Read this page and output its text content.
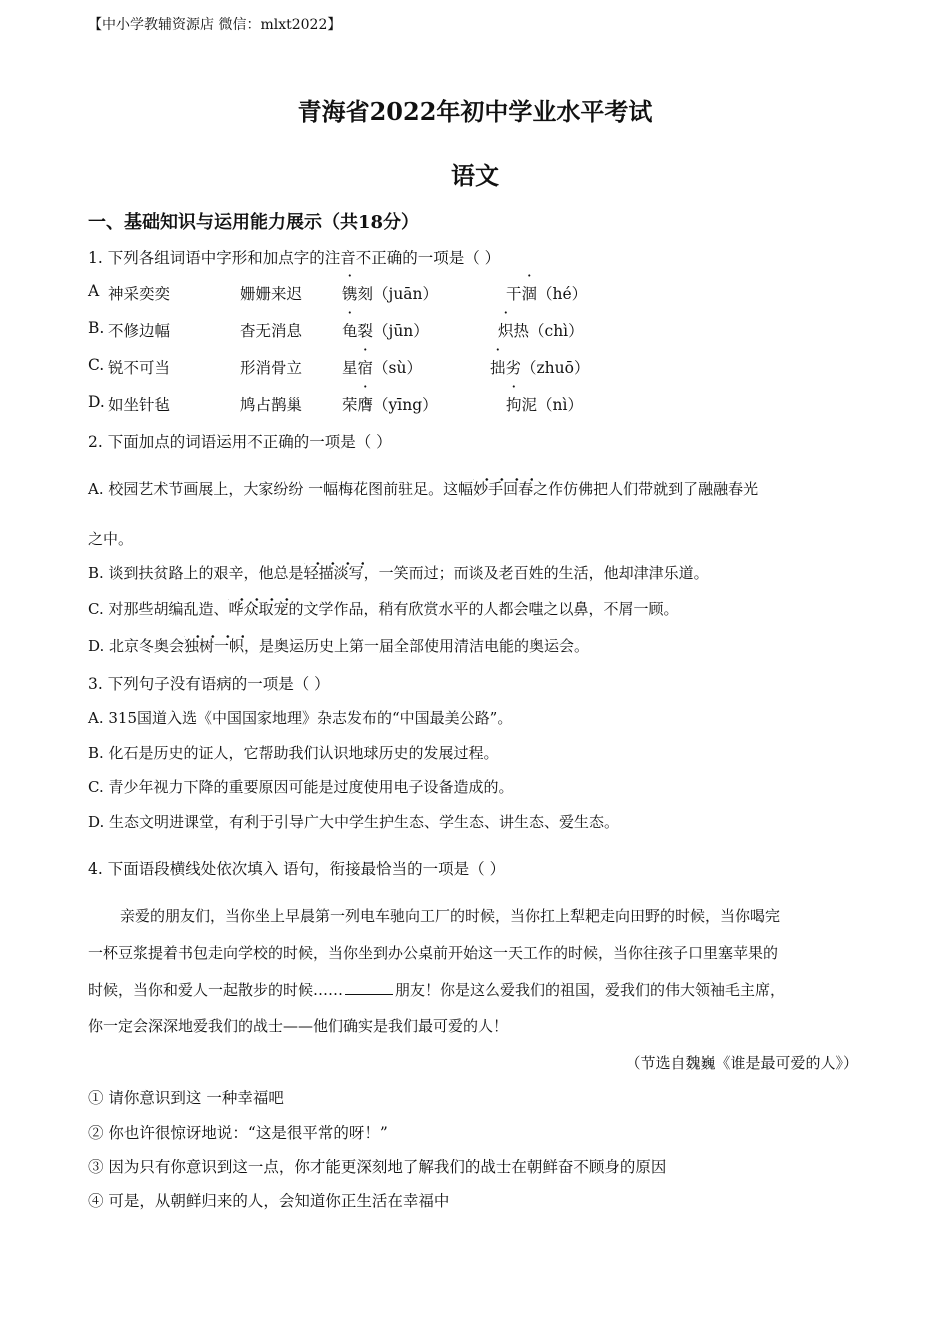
【中小学教辅资源店 微信：mlxt2022】
青海省2022年初中学业水平考试
语文
一、基础知识与运用能力展示（共18分）
1. 下列各组词语中字形和加点字的注音不正确的一项是（ ）
A 神采奕奕	姗姗来迟	镌刻（juān）	干涸（hé）
B. 不修边幅	杳无消息	龟裂（jūn）	炽热（chì）
C. 锐不可当	形消骨立	星宿（sù）	拙劣（zhuō）
D. 如坐针毡	鸠占鹊巢	荣膺（yīng）	拘泥（nì）
2. 下面加点的词语运用不正确的一项是（ ）
A. 校园艺术节画展上，大家纷纷 一幅梅花图前驻足。这幅妙手回春之作仿佛把人们带就到了融融春光
之中。
B. 谈到扶贫路上的艰辛，他总是轻描淡写，一笑而过；而谈及老百姓的生活，他却津津乐道。
C. 对那些胡编乱造、哗众取宠的文学作品，稍有欣赏水平的人都会嗤之以鼻，不屑一顾。
D. 北京冬奥会独树一帜，是奥运历史上第一届全部使用清洁电能的奥运会。
3. 下列句子没有语病的一项是（ ）
A. 315国道入选《中国国家地理》杂志发布的“中国最美公路”。
B. 化石是历史的证人，它帮助我们认识地球历史的发展过程。
C. 青少年视力下降的重要原因可能是过度使用电子设备造成的。
D. 生态文明进课堂，有利于引导广大中学生护生态、学生态、讲生态、爱生态。
4. 下面语段横线处依次填入 语句，衔接最恰当的一项是（ ）
亲爱的朋友们，当你坐上早晨第一列电车驰向工厂的时候，当你扛上犁耙走向田野的时候，当你喝完
一杯豆浆提着书包走向学校的时候，当你坐到办公桌前开始这一天工作的时候，当你往孩子口里塞苹果的
时候，当你和爱人一起散步的时候……	朋友！你是这么爱我们的祖国，爱我们的伟大领袖毛主席，
你一定会深深地爱我们的战士——他们确实是我们最可爱的人！
（节选自魏巍《谁是最可爱的人》）
① 请你意识到这 一种幸福吧
② 你也许很惊讶地说：“这是很平常的呀！”
③ 因为只有你意识到这一点，你才能更深刻地了解我们的战士在朝鲜奋不顾身的原因
④ 可是，从朝鲜归来的人，会知道你正生活在幸福中
